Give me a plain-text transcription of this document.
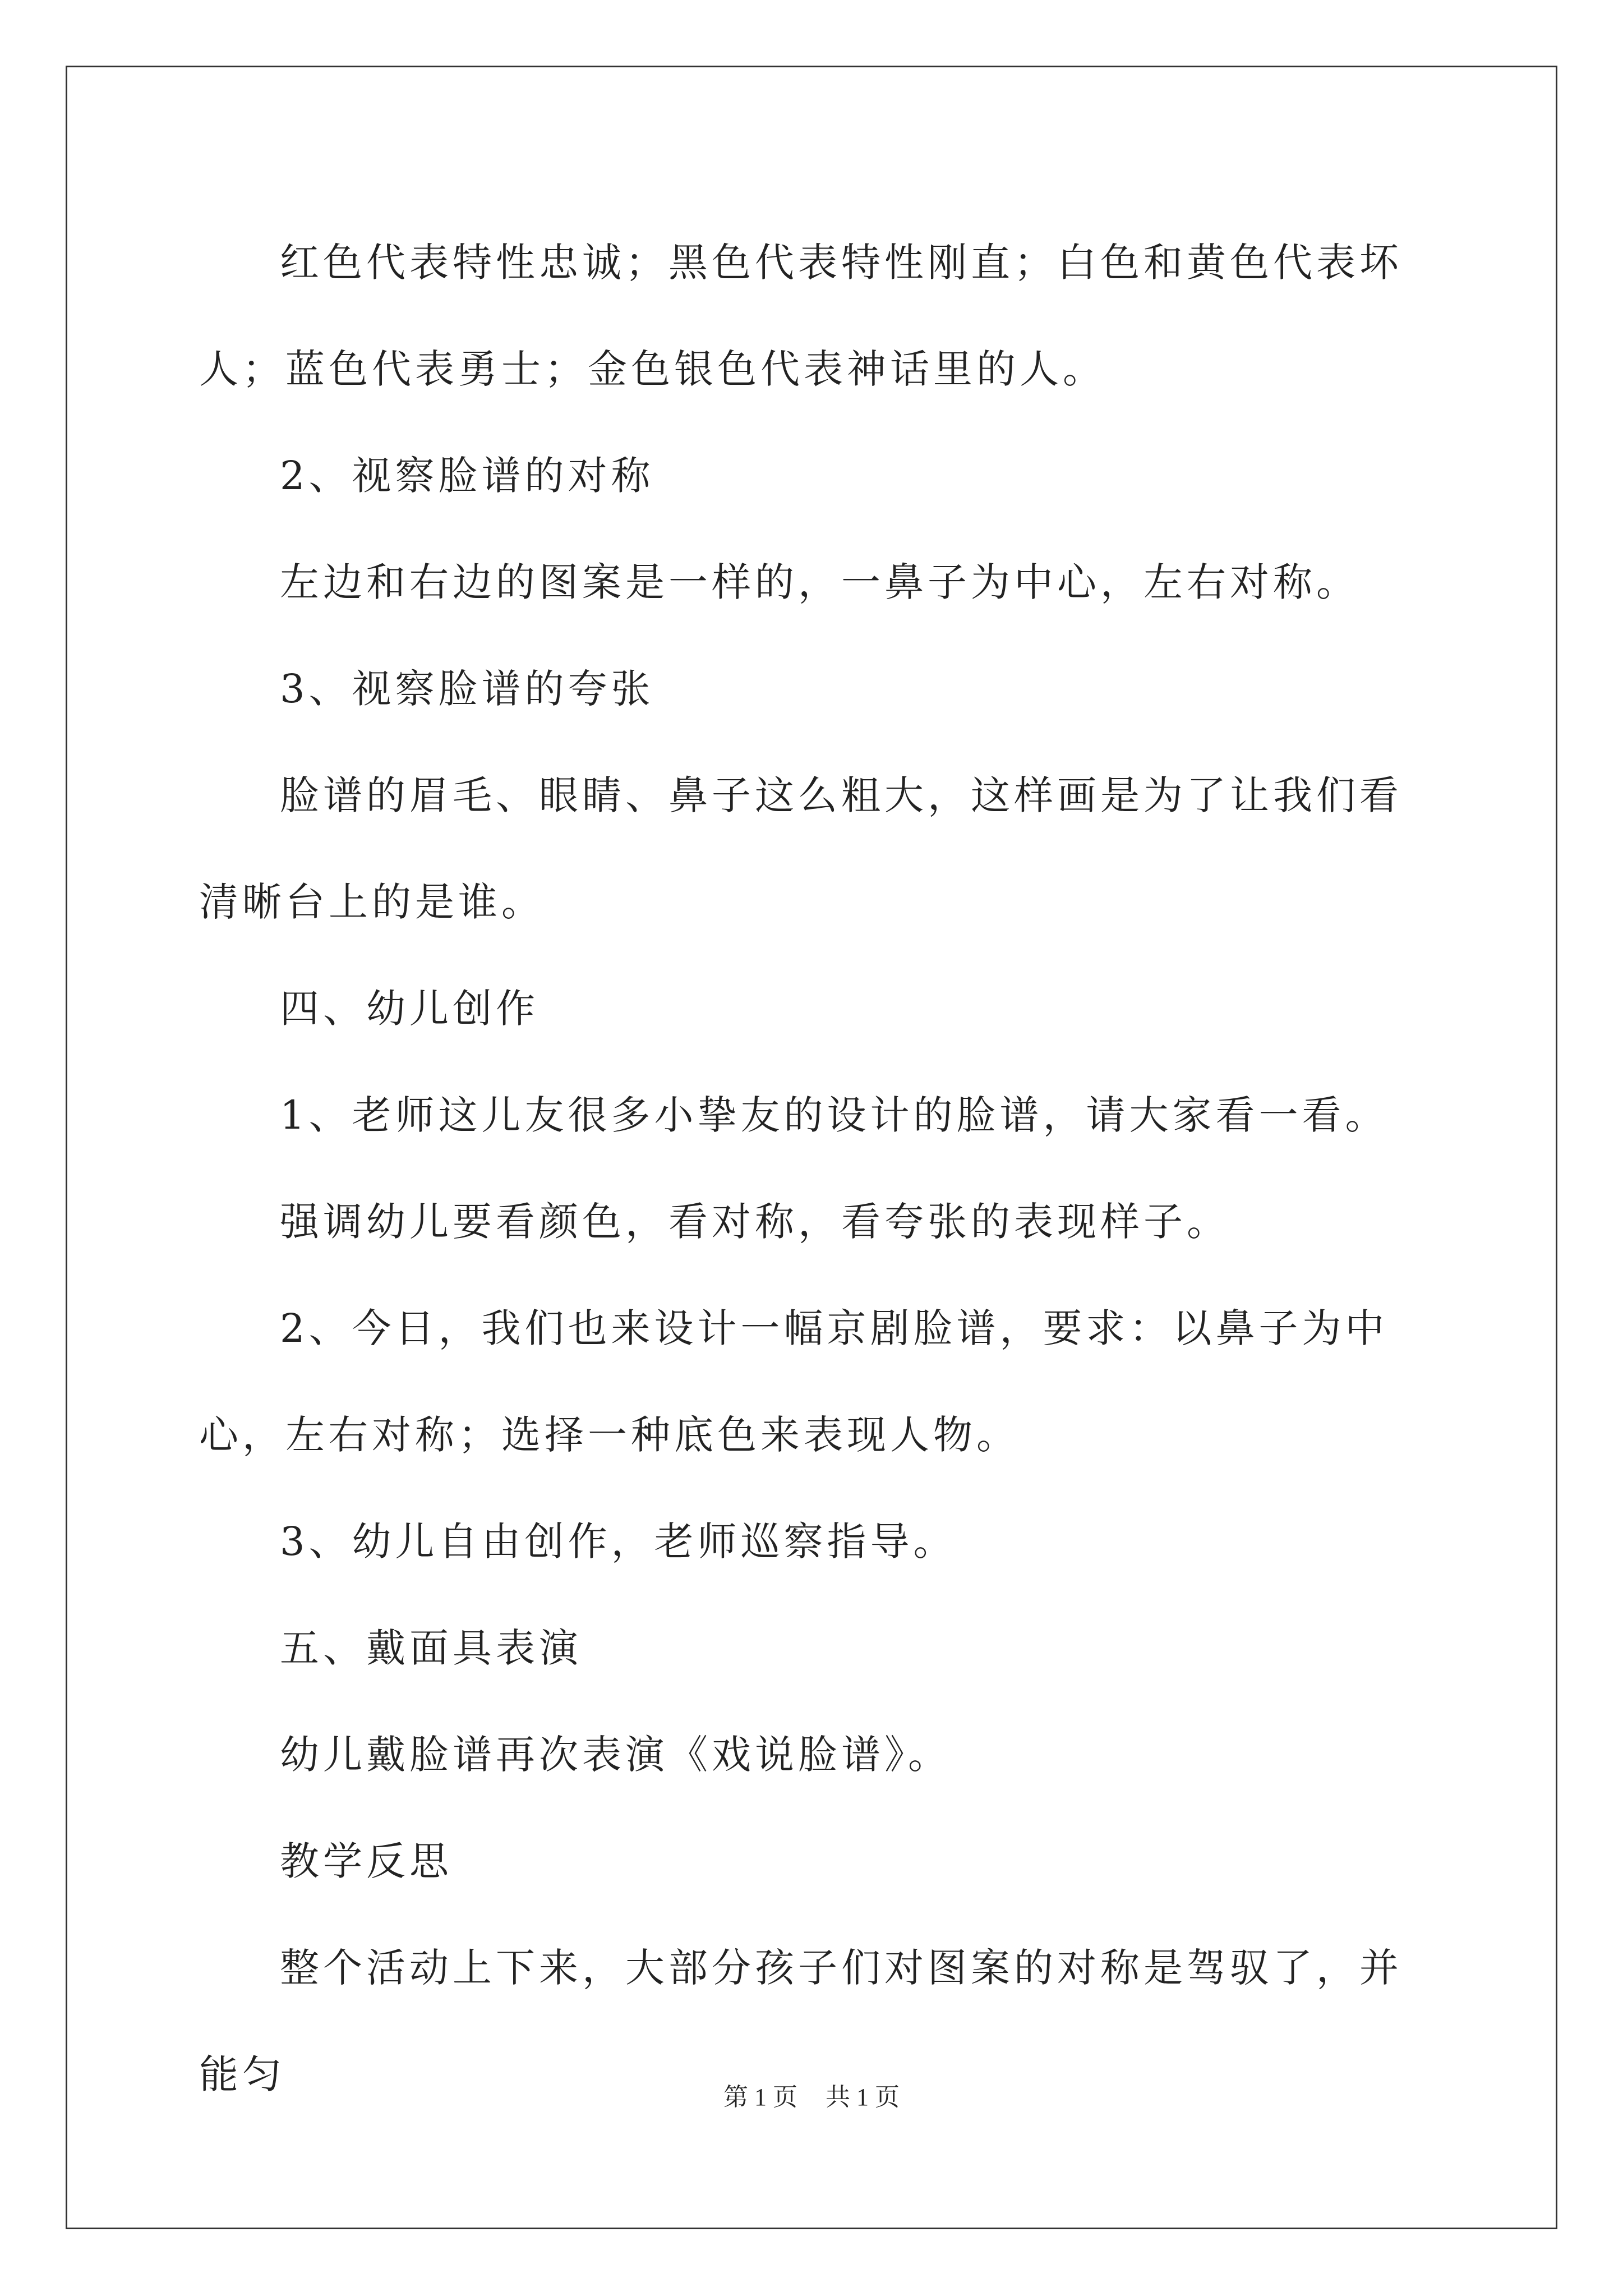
红色代表特性忠诚；黑色代表特性刚直；白色和黄色代表坏人；蓝色代表勇士；金色银色代表神话里的人。

2、视察脸谱的对称

左边和右边的图案是一样的，一鼻子为中心，左右对称。

3、视察脸谱的夸张

脸谱的眉毛、眼睛、鼻子这么粗大，这样画是为了让我们看清晰台上的是谁。

四、幼儿创作

1、老师这儿友很多小挚友的设计的脸谱，请大家看一看。

强调幼儿要看颜色，看对称，看夸张的表现样子。

2、今日，我们也来设计一幅京剧脸谱，要求：以鼻子为中心，左右对称；选择一种底色来表现人物。

3、幼儿自由创作，老师巡察指导。

五、戴面具表演

幼儿戴脸谱再次表演《戏说脸谱》。

教学反思

整个活动上下来，大部分孩子们对图案的对称是驾驭了，并能匀	第 1 页 共 1 页
